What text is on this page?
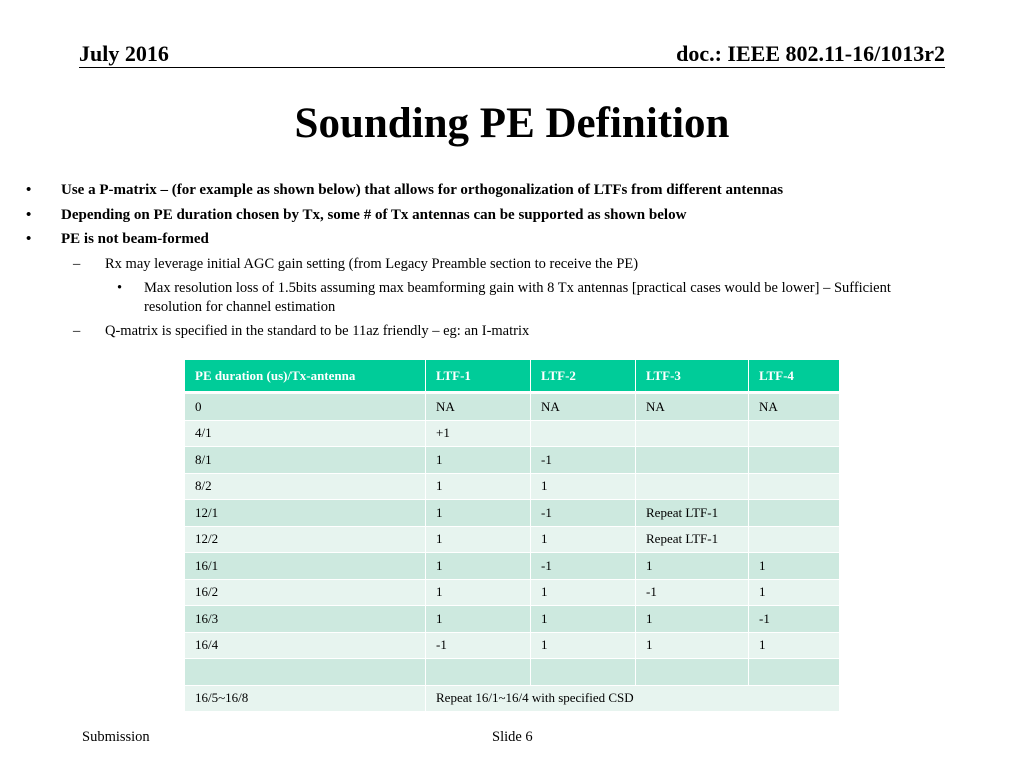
July 2016	doc.: IEEE 802.11-16/1013r2
Sounding PE Definition
• Use a P-matrix – (for example as shown below) that allows for orthogonalization of LTFs from different antennas
• Depending on PE duration chosen by Tx, some # of Tx antennas can be supported as shown below
• PE is not beam-formed
– Rx may leverage initial AGC gain setting (from Legacy Preamble section to receive the PE)
• Max resolution loss of 1.5bits assuming max beamforming gain with 8 Tx antennas [practical cases would be lower] – Sufficient resolution for channel estimation
– Q-matrix is specified in the standard to be 11az friendly – eg: an I-matrix
PE duration (us)/Tx-antenna	LTF-1	LTF-2	LTF-3	LTF-4
0	NA	NA	NA	NA
4/1	+1			
8/1	1	-1		
8/2	1	1		
12/1	1	-1	Repeat LTF-1	
12/2	1	1	Repeat LTF-1	
16/1	1	-1	1	1
16/2	1	1	-1	1
16/3	1	1	1	-1
16/4	-1	1	1	1

16/5~16/8	Repeat 16/1~16/4 with specified CSD			
Submission	Slide 6
